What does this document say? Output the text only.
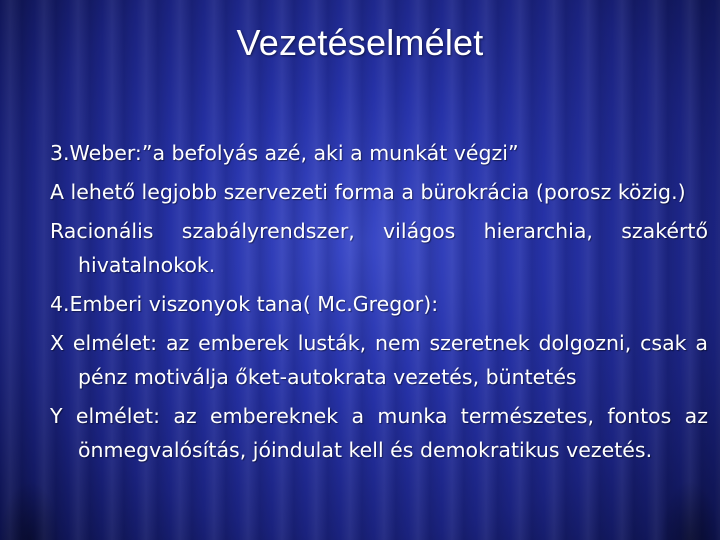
Vezetéselmélet

3.Weber:”a befolyás azé, aki a munkát végzi”

A lehető legjobb szervezeti forma a bürokrácia (porosz közig.)

Racionális szabályrendszer, világos hierarchia, szakértő hivatalnokok.

4.Emberi viszonyok tana( Mc.Gregor):

X elmélet: az emberek lusták, nem szeretnek dolgozni, csak a pénz motiválja őket-autokrata vezetés, büntetés

Y elmélet: az embereknek a munka természetes, fontos az önmegvalósítás, jóindulat kell és demokratikus vezetés.
